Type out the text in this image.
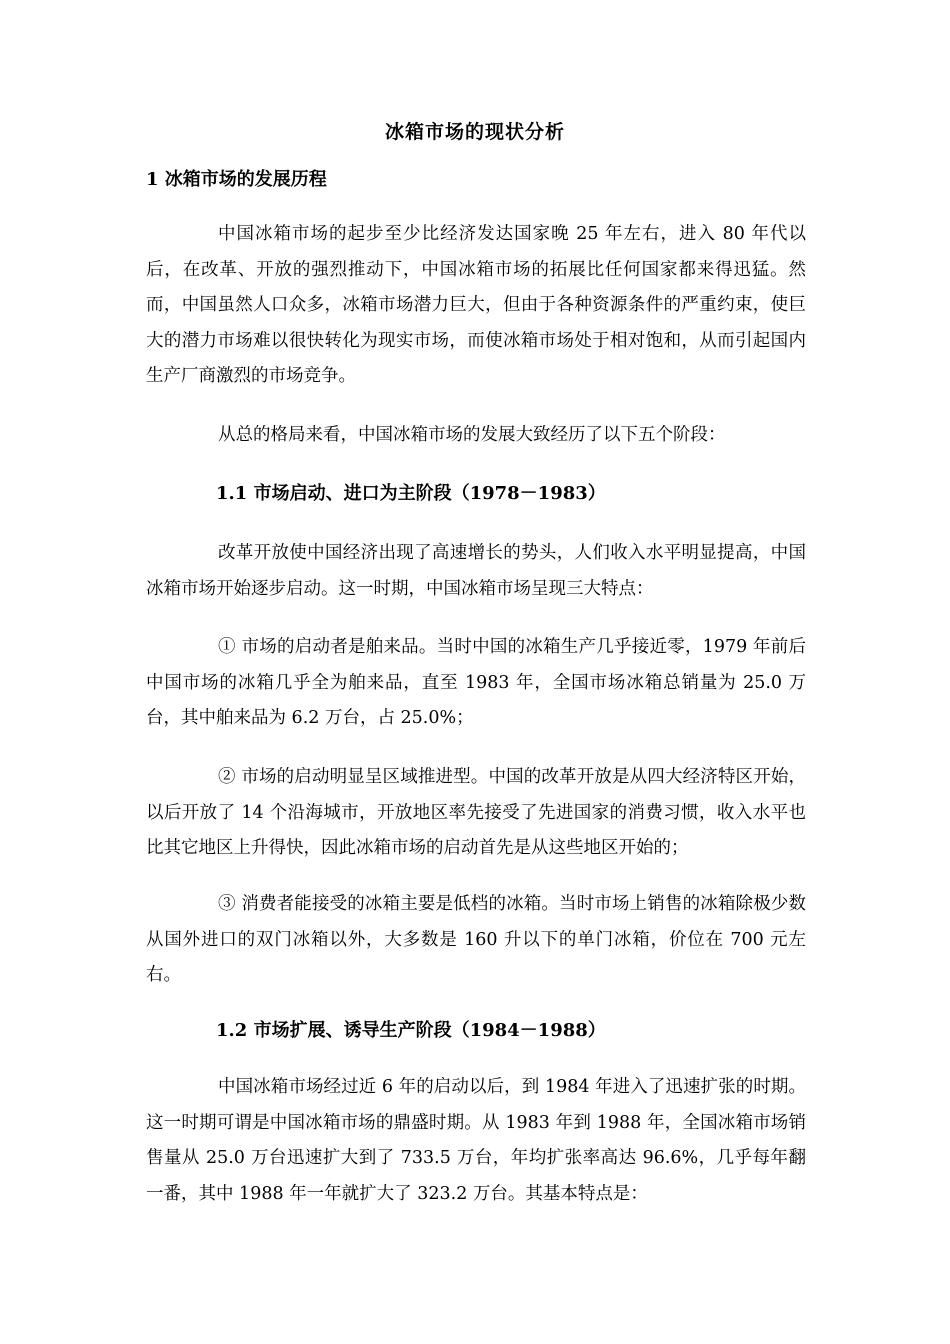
冰箱市场的现状分析
1 冰箱市场的发展历程
中国冰箱市场的起步至少比经济发达国家晚 25 年左右，进入 80 年代以后，在改革、开放的强烈推动下，中国冰箱市场的拓展比任何国家都来得迅猛。然而，中国虽然人口众多，冰箱市场潜力巨大，但由于各种资源条件的严重约束，使巨大的潜力市场难以很快转化为现实市场，而使冰箱市场处于相对饱和，从而引起国内生产厂商激烈的市场竞争。
从总的格局来看，中国冰箱市场的发展大致经历了以下五个阶段：
1.1 市场启动、进口为主阶段（1978－1983）
改革开放使中国经济出现了高速增长的势头，人们收入水平明显提高，中国冰箱市场开始逐步启动。这一时期，中国冰箱市场呈现三大特点：
① 市场的启动者是舶来品。当时中国的冰箱生产几乎接近零，1979 年前后中国市场的冰箱几乎全为舶来品，直至 1983 年，全国市场冰箱总销量为 25.0 万台，其中舶来品为 6.2 万台，占 25.0%；
② 市场的启动明显呈区域推进型。中国的改革开放是从四大经济特区开始，以后开放了 14 个沿海城市，开放地区率先接受了先进国家的消费习惯，收入水平也比其它地区上升得快，因此冰箱市场的启动首先是从这些地区开始的；
③ 消费者能接受的冰箱主要是低档的冰箱。当时市场上销售的冰箱除极少数从国外进口的双门冰箱以外，大多数是 160 升以下的单门冰箱，价位在 700 元左右。
1.2 市场扩展、诱导生产阶段（1984－1988）
中国冰箱市场经过近 6 年的启动以后，到 1984 年进入了迅速扩张的时期。这一时期可谓是中国冰箱市场的鼎盛时期。从 1983 年到 1988 年，全国冰箱市场销售量从 25.0 万台迅速扩大到了 733.5 万台，年均扩张率高达 96.6%，几乎每年翻一番，其中 1988 年一年就扩大了 323.2 万台。其基本特点是：
